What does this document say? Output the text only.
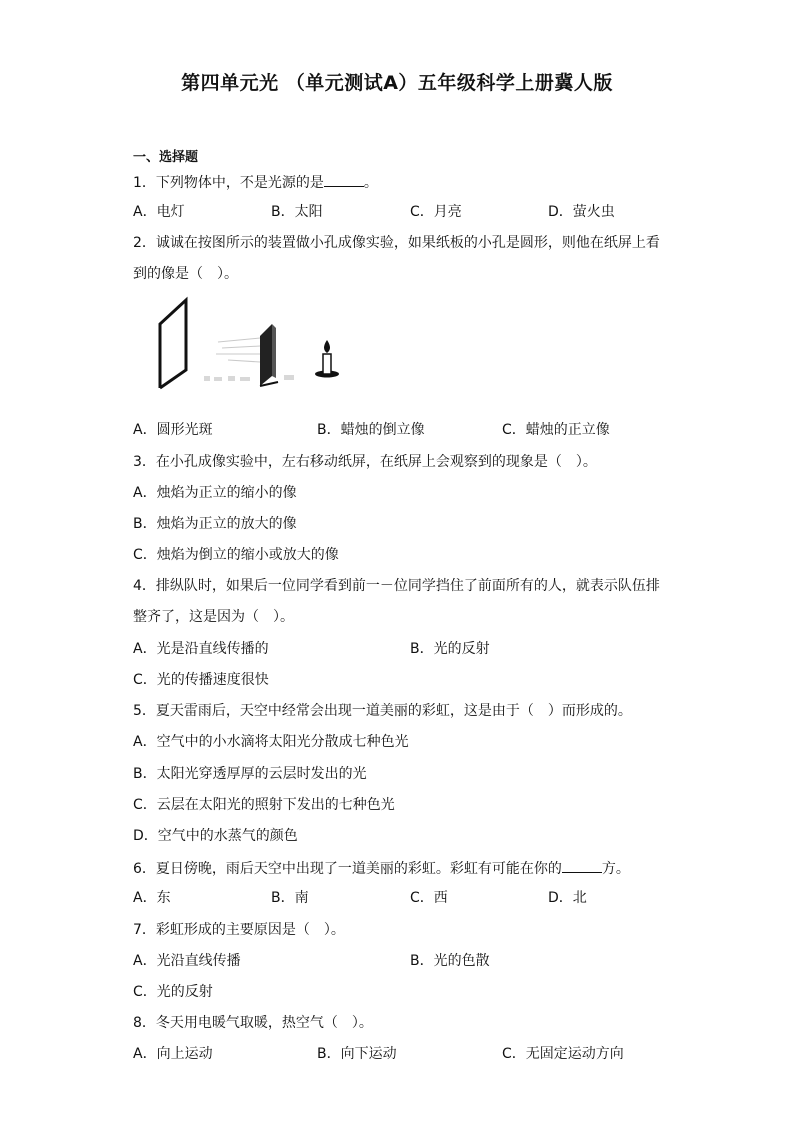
第四单元光 （单元测试A）五年级科学上册冀人版
一、选择题
1．下列物体中，不是光源的是	。
A．电灯	B．太阳	C．月亮	D．萤火虫
2．诚诚在按图所示的装置做小孔成像实验，如果纸板的小孔是圆形，则他在纸屏上看
到的像是（　）。
A．圆形光斑	B．蜡烛的倒立像	C．蜡烛的正立像
3．在小孔成像实验中，左右移动纸屏，在纸屏上会观察到的现象是（　）。
A．烛焰为正立的缩小的像
B．烛焰为正立的放大的像
C．烛焰为倒立的缩小或放大的像
4．排纵队时，如果后一位同学看到前一－位同学挡住了前面所有的人，就表示队伍排
整齐了，这是因为（　）。
A．光是沿直线传播的	B．光的反射
C．光的传播速度很快
5．夏天雷雨后，天空中经常会出现一道美丽的彩虹，这是由于（　）而形成的。
A．空气中的小水滴将太阳光分散成七种色光
B．太阳光穿透厚厚的云层时发出的光
C．云层在太阳光的照射下发出的七种色光
D．空气中的水蒸气的颜色
6．夏日傍晚，雨后天空中出现了一道美丽的彩虹。彩虹有可能在你的	方。
A．东	B．南	C．西	D．北
7．彩虹形成的主要原因是（　）。
A．光沿直线传播	B．光的色散
C．光的反射
8．冬天用电暖气取暖，热空气（　）。
A．向上运动	B．向下运动	C．无固定运动方向
